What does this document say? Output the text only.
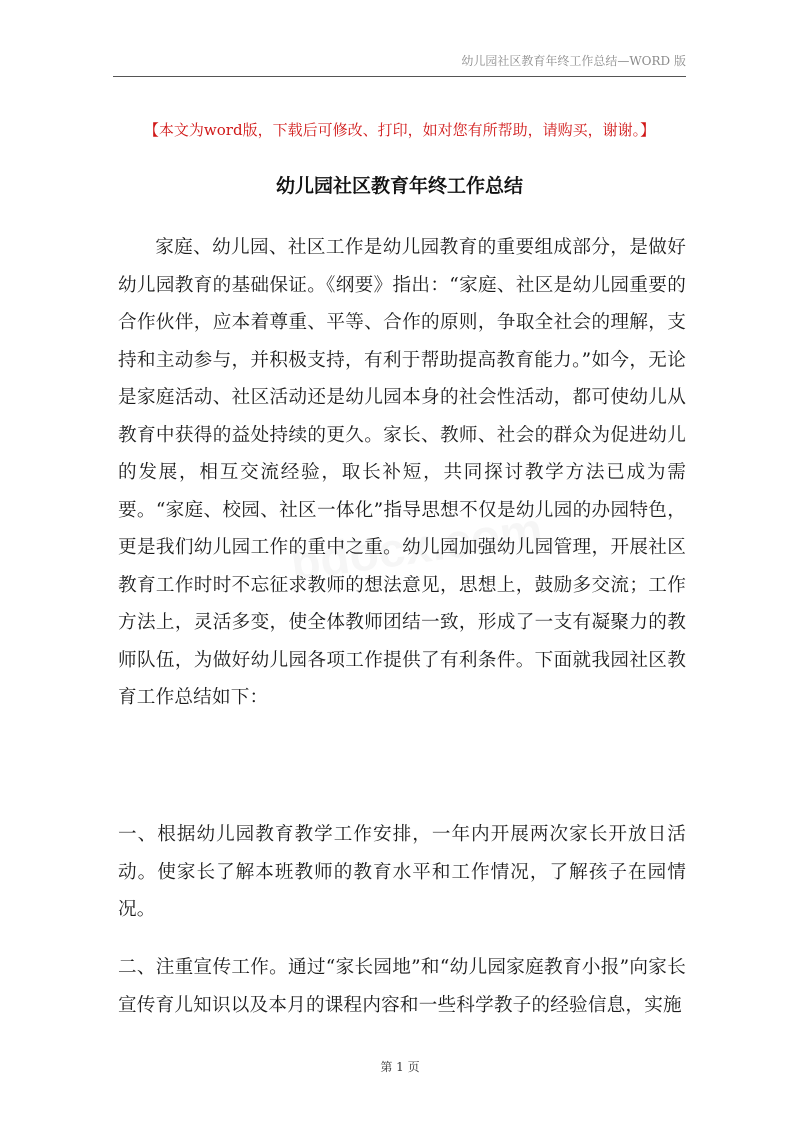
幼儿园社区教育年终工作总结—WORD 版
【本文为word版，下载后可修改、打印，如对您有所帮助，请购买，谢谢。】
幼儿园社区教育年终工作总结

家庭、幼儿园、社区工作是幼儿园教育的重要组成部分，是做好幼儿园教育的基础保证。《纲要》指出：“家庭、社区是幼儿园重要的合作伙伴，应本着尊重、平等、合作的原则，争取全社会的理解，支持和主动参与，并积极支持，有利于帮助提高教育能力。”如今，无论是家庭活动、社区活动还是幼儿园本身的社会性活动，都可使幼儿从教育中获得的益处持续的更久。家长、教师、社会的群众为促进幼儿的发展，相互交流经验，取长补短，共同探讨教学方法已成为需要。“家庭、校园、社区一体化”指导思想不仅是幼儿园的办园特色，更是我们幼儿园工作的重中之重。幼儿园加强幼儿园管理，开展社区教育工作时时不忘征求教师的想法意见，思想上，鼓励多交流；工作方法上，灵活多变，使全体教师团结一致，形成了一支有凝聚力的教师队伍，为做好幼儿园各项工作提供了有利条件。下面就我园社区教育工作总结如下：

一、根据幼儿园教育教学工作安排，一年内开展两次家长开放日活动。使家长了解本班教师的教育水平和工作情况，了解孩子在园情况。

二、注重宣传工作。通过“家长园地”和“幼儿园家庭教育小报”向家长宣传育儿知识以及本月的课程内容和一些科学教子的经验信息，实施

第 1 页
